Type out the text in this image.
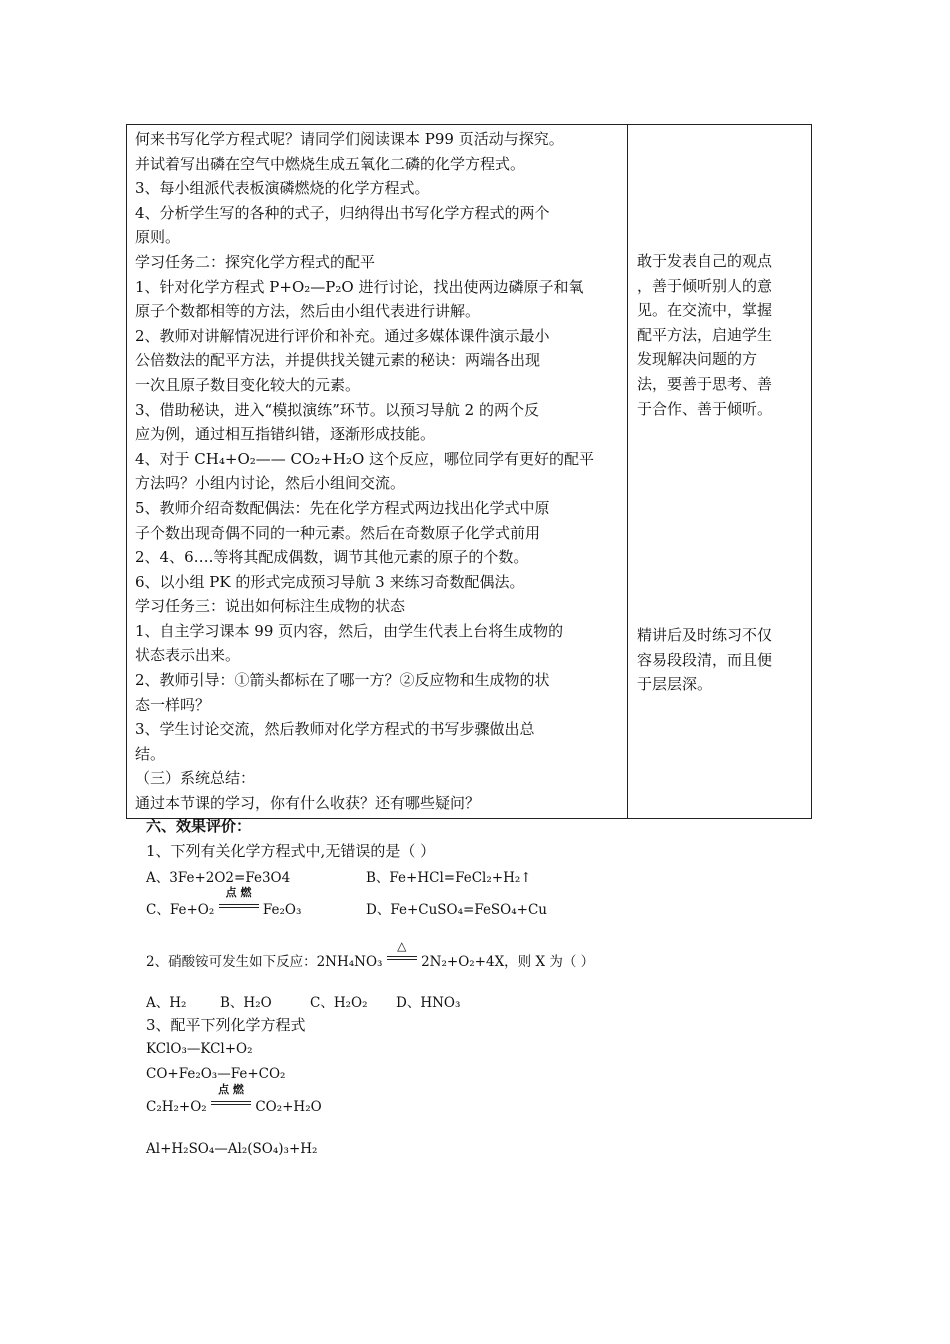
何来书写化学方程式呢？请同学们阅读课本 P99 页活动与探究。
并试着写出磷在空气中燃烧生成五氧化二磷的化学方程式。
3、每小组派代表板演磷燃烧的化学方程式。
4、分析学生写的各种的式子，归纳得出书写化学方程式的两个
原则。
学习任务二：探究化学方程式的配平
1、针对化学方程式 P+O₂—P₂O 进行讨论，找出使两边磷原子和氧
原子个数都相等的方法，然后由小组代表进行讲解。
2、教师对讲解情况进行评价和补充。通过多媒体课件演示最小
公倍数法的配平方法，并提供找关键元素的秘诀：两端各出现
一次且原子数目变化较大的元素。
3、借助秘诀，进入“模拟演练”环节。以预习导航 2 的两个反
应为例，通过相互指错纠错，逐渐形成技能。
4、对于 CH₄+O₂—— CO₂+H₂O 这个反应，哪位同学有更好的配平
方法吗？小组内讨论，然后小组间交流。
5、教师介绍奇数配偶法：先在化学方程式两边找出化学式中原
子个数出现奇偶不同的一种元素。然后在奇数原子化学式前用
2、4、6….等将其配成偶数，调节其他元素的原子的个数。
6、以小组 PK 的形式完成预习导航 3 来练习奇数配偶法。
学习任务三：说出如何标注生成物的状态
1、自主学习课本 99 页内容，然后，由学生代表上台将生成物的
状态表示出来。
2、教师引导：①箭头都标在了哪一方？②反应物和生成物的状
态一样吗？
3、学生讨论交流，然后教师对化学方程式的书写步骤做出总
结。
（三）系统总结：
通过本节课的学习，你有什么收获？还有哪些疑问？

敢于发表自己的观点
，善于倾听别人的意
见。在交流中，掌握
配平方法，启迪学生
发现解决问题的方
法，要善于思考、善
于合作、善于倾听。
精讲后及时练习不仅
容易段段清，而且便
于层层深。
六、效果评价：
1、下列有关化学方程式中,无错误的是（ ）
A、3Fe+2O2=Fe3O4	B、Fe+HCl=FeCl₂+H₂↑
C、Fe+O₂
点 燃
Fe₂O₃	D、Fe+CuSO₄=FeSO₄+Cu
2、硝酸铵可发生如下反应：2NH₄NO₃
△
2N₂+O₂+4X，则 X 为（ ）
A、H₂ B、H₂O	C、H₂O₂ D、HNO₃
3、配平下列化学方程式
KClO₃—KCl+O₂
CO+Fe₂O₃—Fe+CO₂
C₂H₂+O₂
点 燃
CO₂+H₂O
Al+H₂SO₄—Al₂(SO₄)₃+H₂
